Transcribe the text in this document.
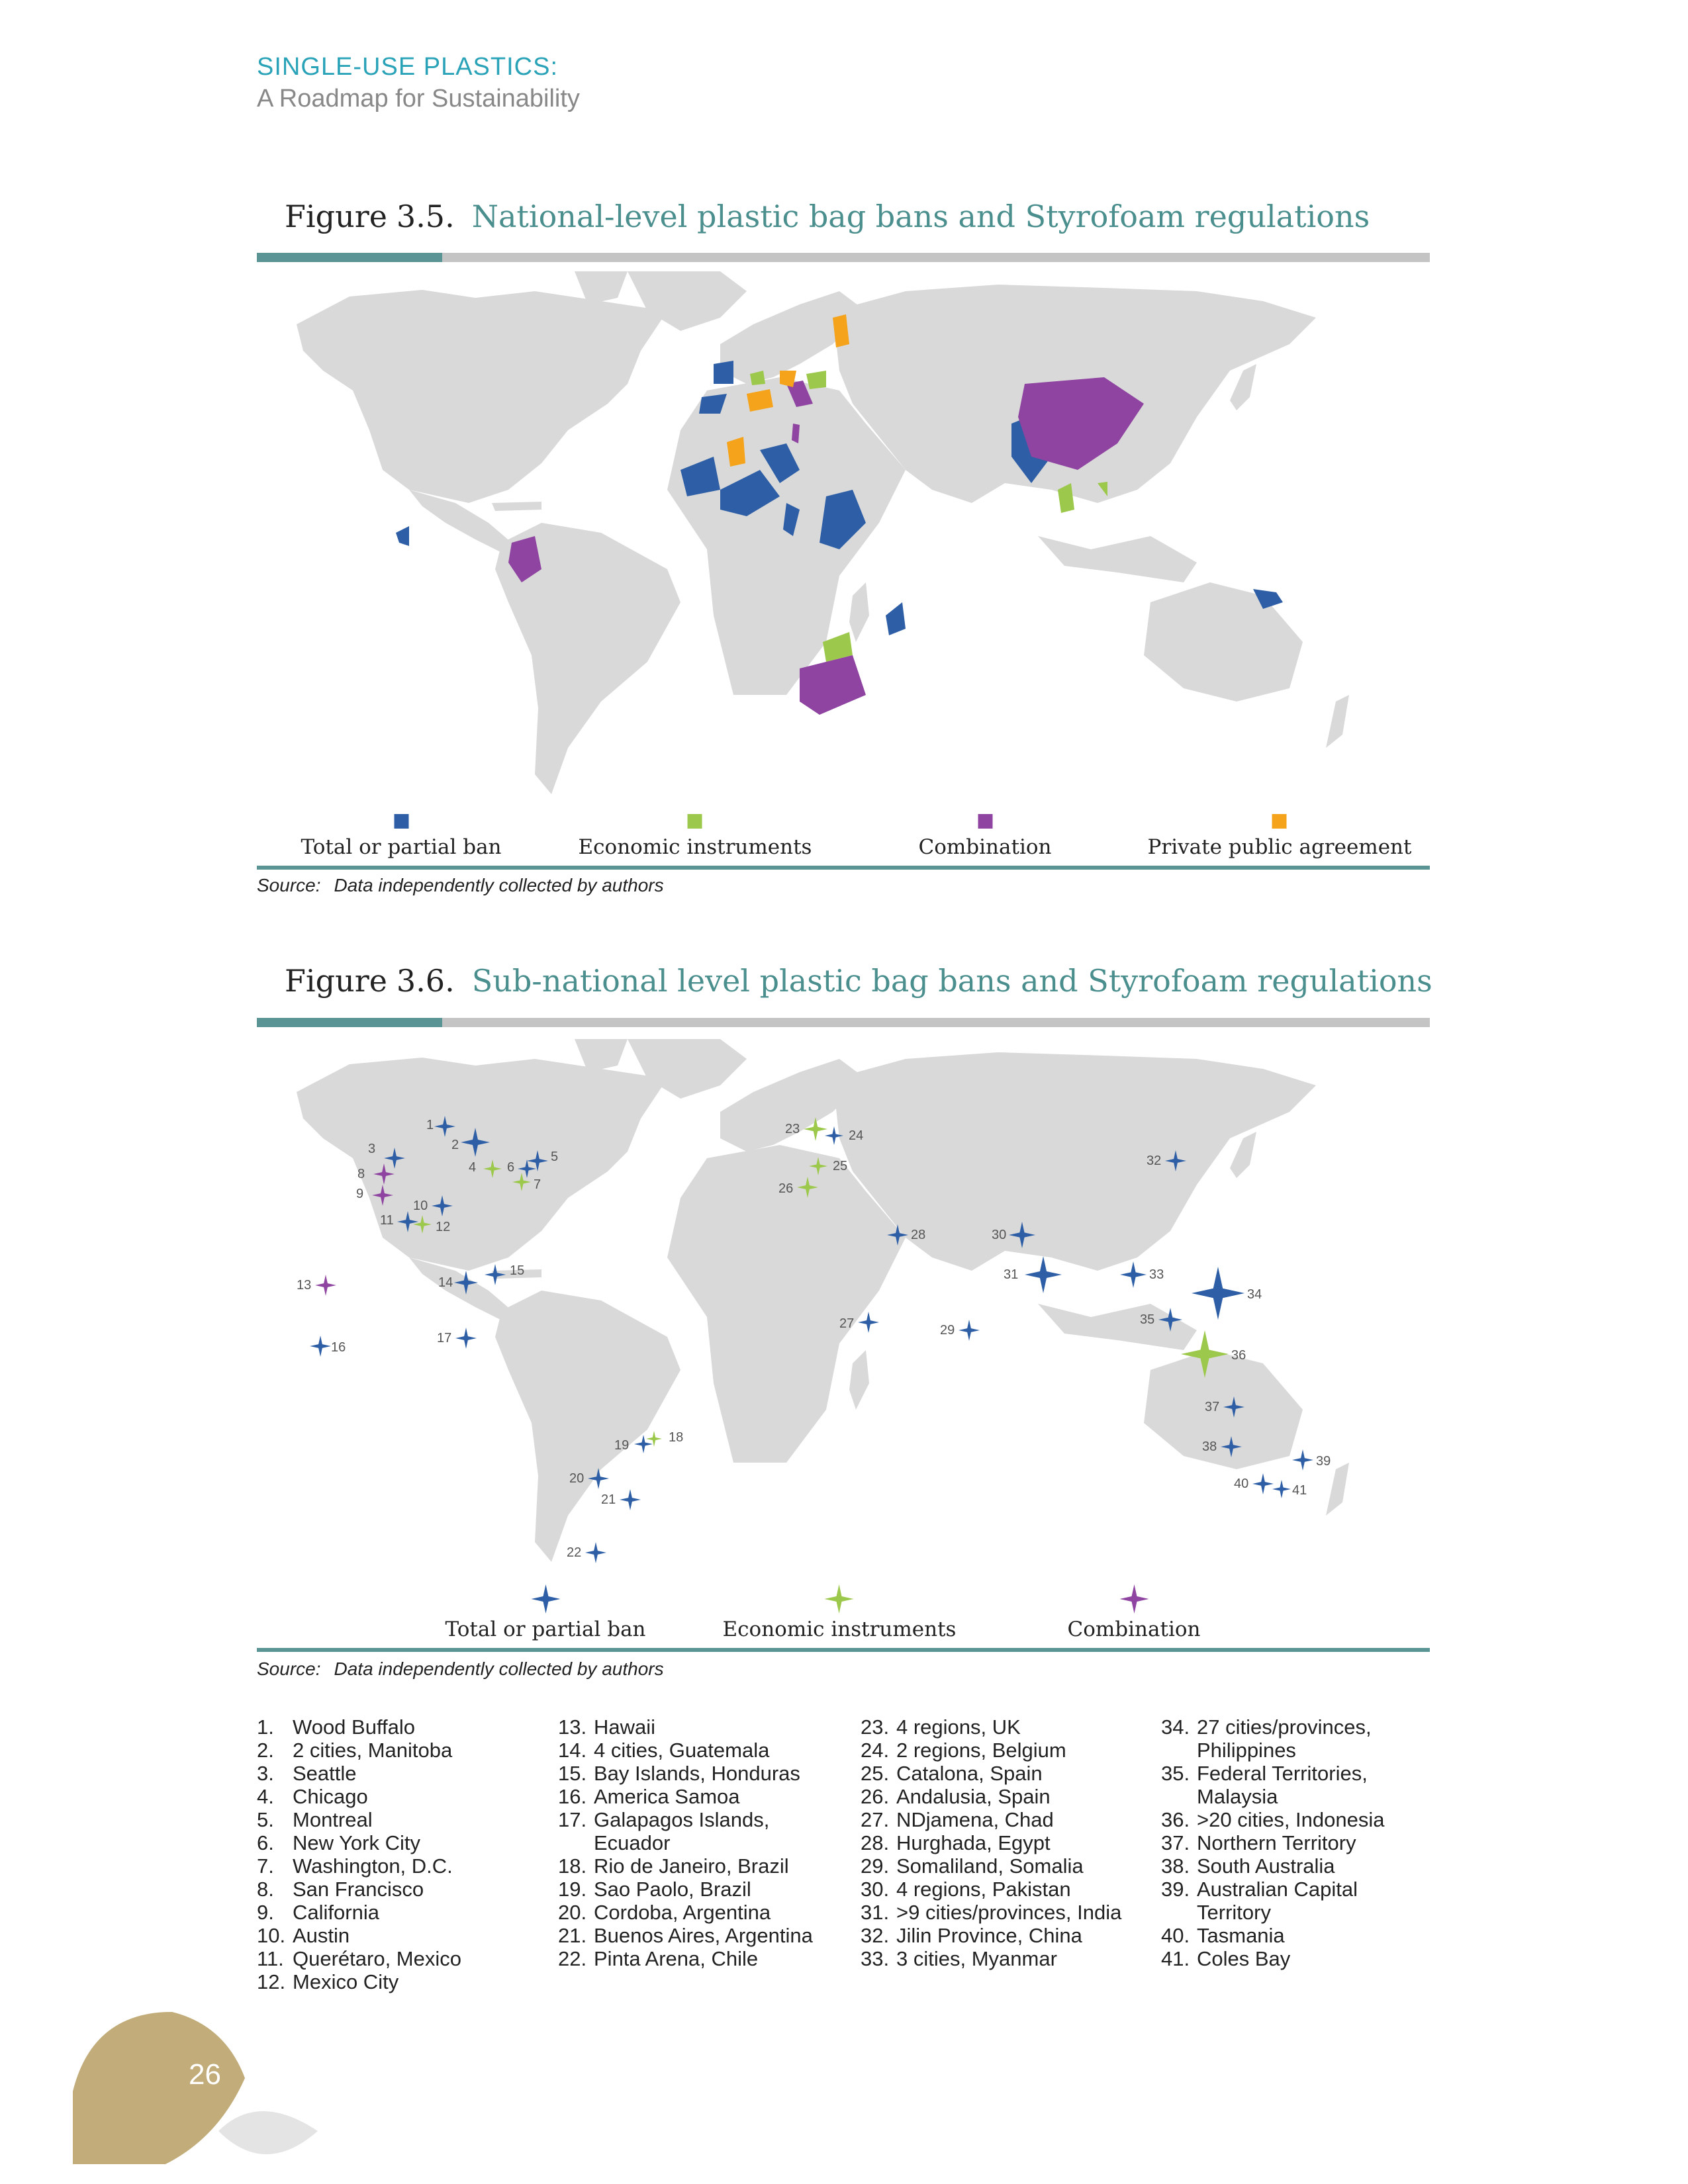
SINGLE-USE PLASTICS:
A Roadmap for Sustainability
Figure 3.5. National-level plastic bag bans and Styrofoam regulations
Total or partial ban	Economic instruments	Combination	Private public agreement
Source: Data independently collected by authors
Figure 3.6. Sub-national level plastic bag bans and Styrofoam regulations
1
2
3
4
5
6
7
8
9
10
11	12
13	14
15
16
17
18
19
20
21
22
23	24
25
26
27
28
29
30
31
32
33
34
35
36
37
38
39
40	41
Total or partial ban	Economic instruments	Combination
Source: Data independently collected by authors
1. Wood Buffalo
2. 2 cities, Manitoba
3. Seattle
4. Chicago
5. Montreal
6. New York City
7. Washington, D.C.
8. San Francisco
9. California
10. Austin
11. Querétaro, Mexico
12. Mexico City
13. Hawaii
14. 4 cities, Guatemala
15. Bay Islands, Honduras
16. America Samoa
17. Galapagos Islands,
Ecuador
18. Rio de Janeiro, Brazil
19. Sao Paolo, Brazil
20. Cordoba, Argentina
21. Buenos Aires, Argentina
22. Pinta Arena, Chile
23. 4 regions, UK
24. 2 regions, Belgium
25. Catalona, Spain
26. Andalusia, Spain
27. NDjamena, Chad
28. Hurghada, Egypt
29. Somaliland, Somalia
30. 4 regions, Pakistan
31. >9 cities/provinces, India
32. Jilin Province, China
33. 3 cities, Myanmar
34. 27 cities/provinces,
Philippines
35. Federal Territories,
Malaysia
36. >20 cities, Indonesia
37. Northern Territory
38. South Australia
39. Australian Capital
Territory
40. Tasmania
41. Coles Bay
26
